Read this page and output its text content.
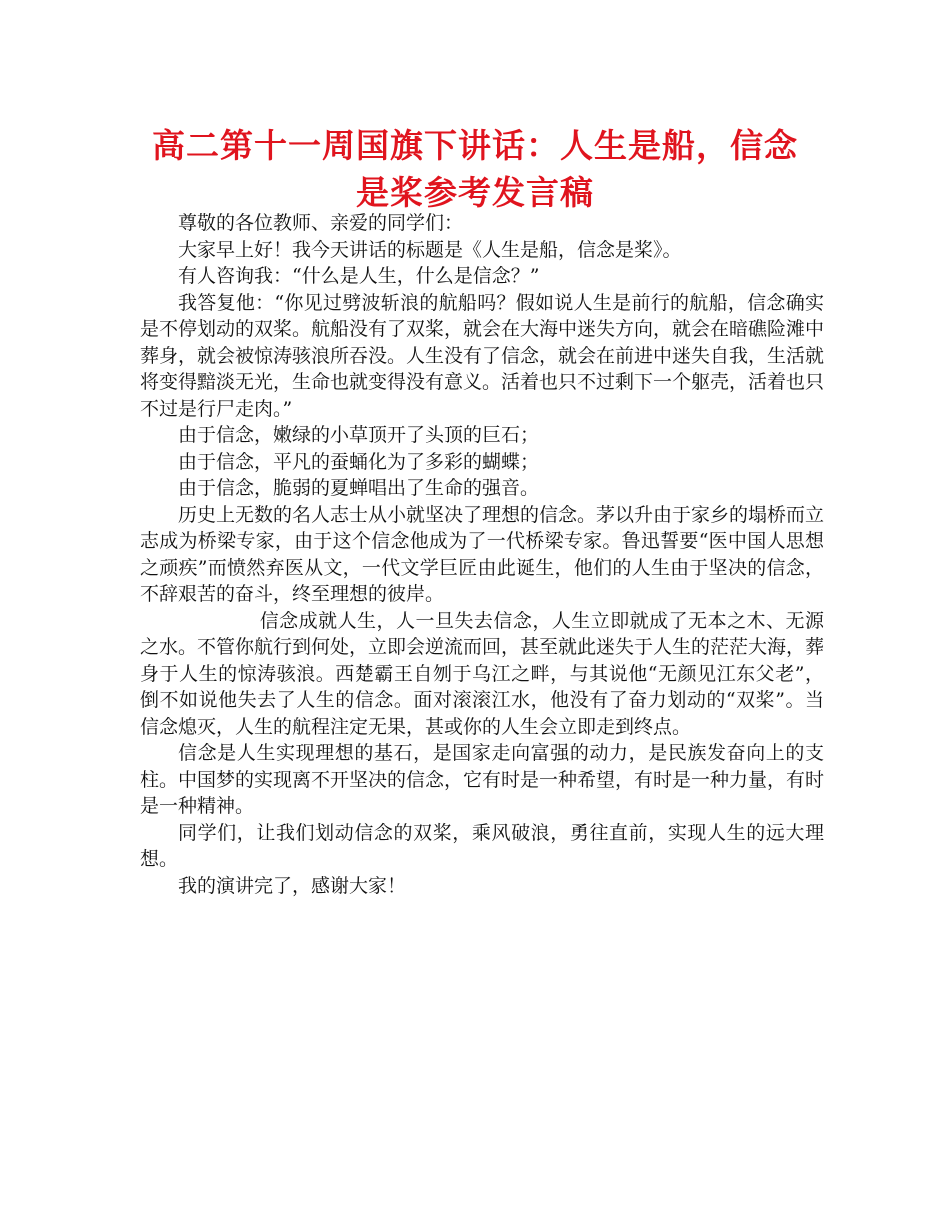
高二第十一周国旗下讲话：人生是船，信念是桨参考发言稿

尊敬的各位教师、亲爱的同学们：

大家早上好！我今天讲话的标题是《人生是船，信念是桨》。

有人咨询我：“什么是人生，什么是信念？”

我答复他：“你见过劈波斩浪的航船吗？假如说人生是前行的航船，信念确实是不停划动的双桨。航船没有了双桨，就会在大海中迷失方向，就会在暗礁险滩中葬身，就会被惊涛骇浪所吞没。人生没有了信念，就会在前进中迷失自我，生活就将变得黯淡无光，生命也就变得没有意义。活着也只不过剩下一个躯壳，活着也只不过是行尸走肉。”

由于信念，嫩绿的小草顶开了头顶的巨石；

由于信念，平凡的蚕蛹化为了多彩的蝴蝶；

由于信念，脆弱的夏蝉唱出了生命的强音。

历史上无数的名人志士从小就坚决了理想的信念。茅以升由于家乡的塌桥而立志成为桥梁专家，由于这个信念他成为了一代桥梁专家。鲁迅誓要“医中国人思想之顽疾”而愤然弃医从文，一代文学巨匠由此诞生，他们的人生由于坚决的信念，不辞艰苦的奋斗，终至理想的彼岸。

信念成就人生，人一旦失去信念，人生立即就成了无本之木、无源之水。不管你航行到何处，立即会逆流而回，甚至就此迷失于人生的茫茫大海，葬身于人生的惊涛骇浪。西楚霸王自刎于乌江之畔，与其说他“无颜见江东父老”，倒不如说他失去了人生的信念。面对滚滚江水，他没有了奋力划动的“双桨”。当信念熄灭，人生的航程注定无果，甚或你的人生会立即走到终点。

信念是人生实现理想的基石，是国家走向富强的动力，是民族发奋向上的支柱。中国梦的实现离不开坚决的信念，它有时是一种希望，有时是一种力量，有时是一种精神。

同学们，让我们划动信念的双桨，乘风破浪，勇往直前，实现人生的远大理想。

我的演讲完了，感谢大家！
